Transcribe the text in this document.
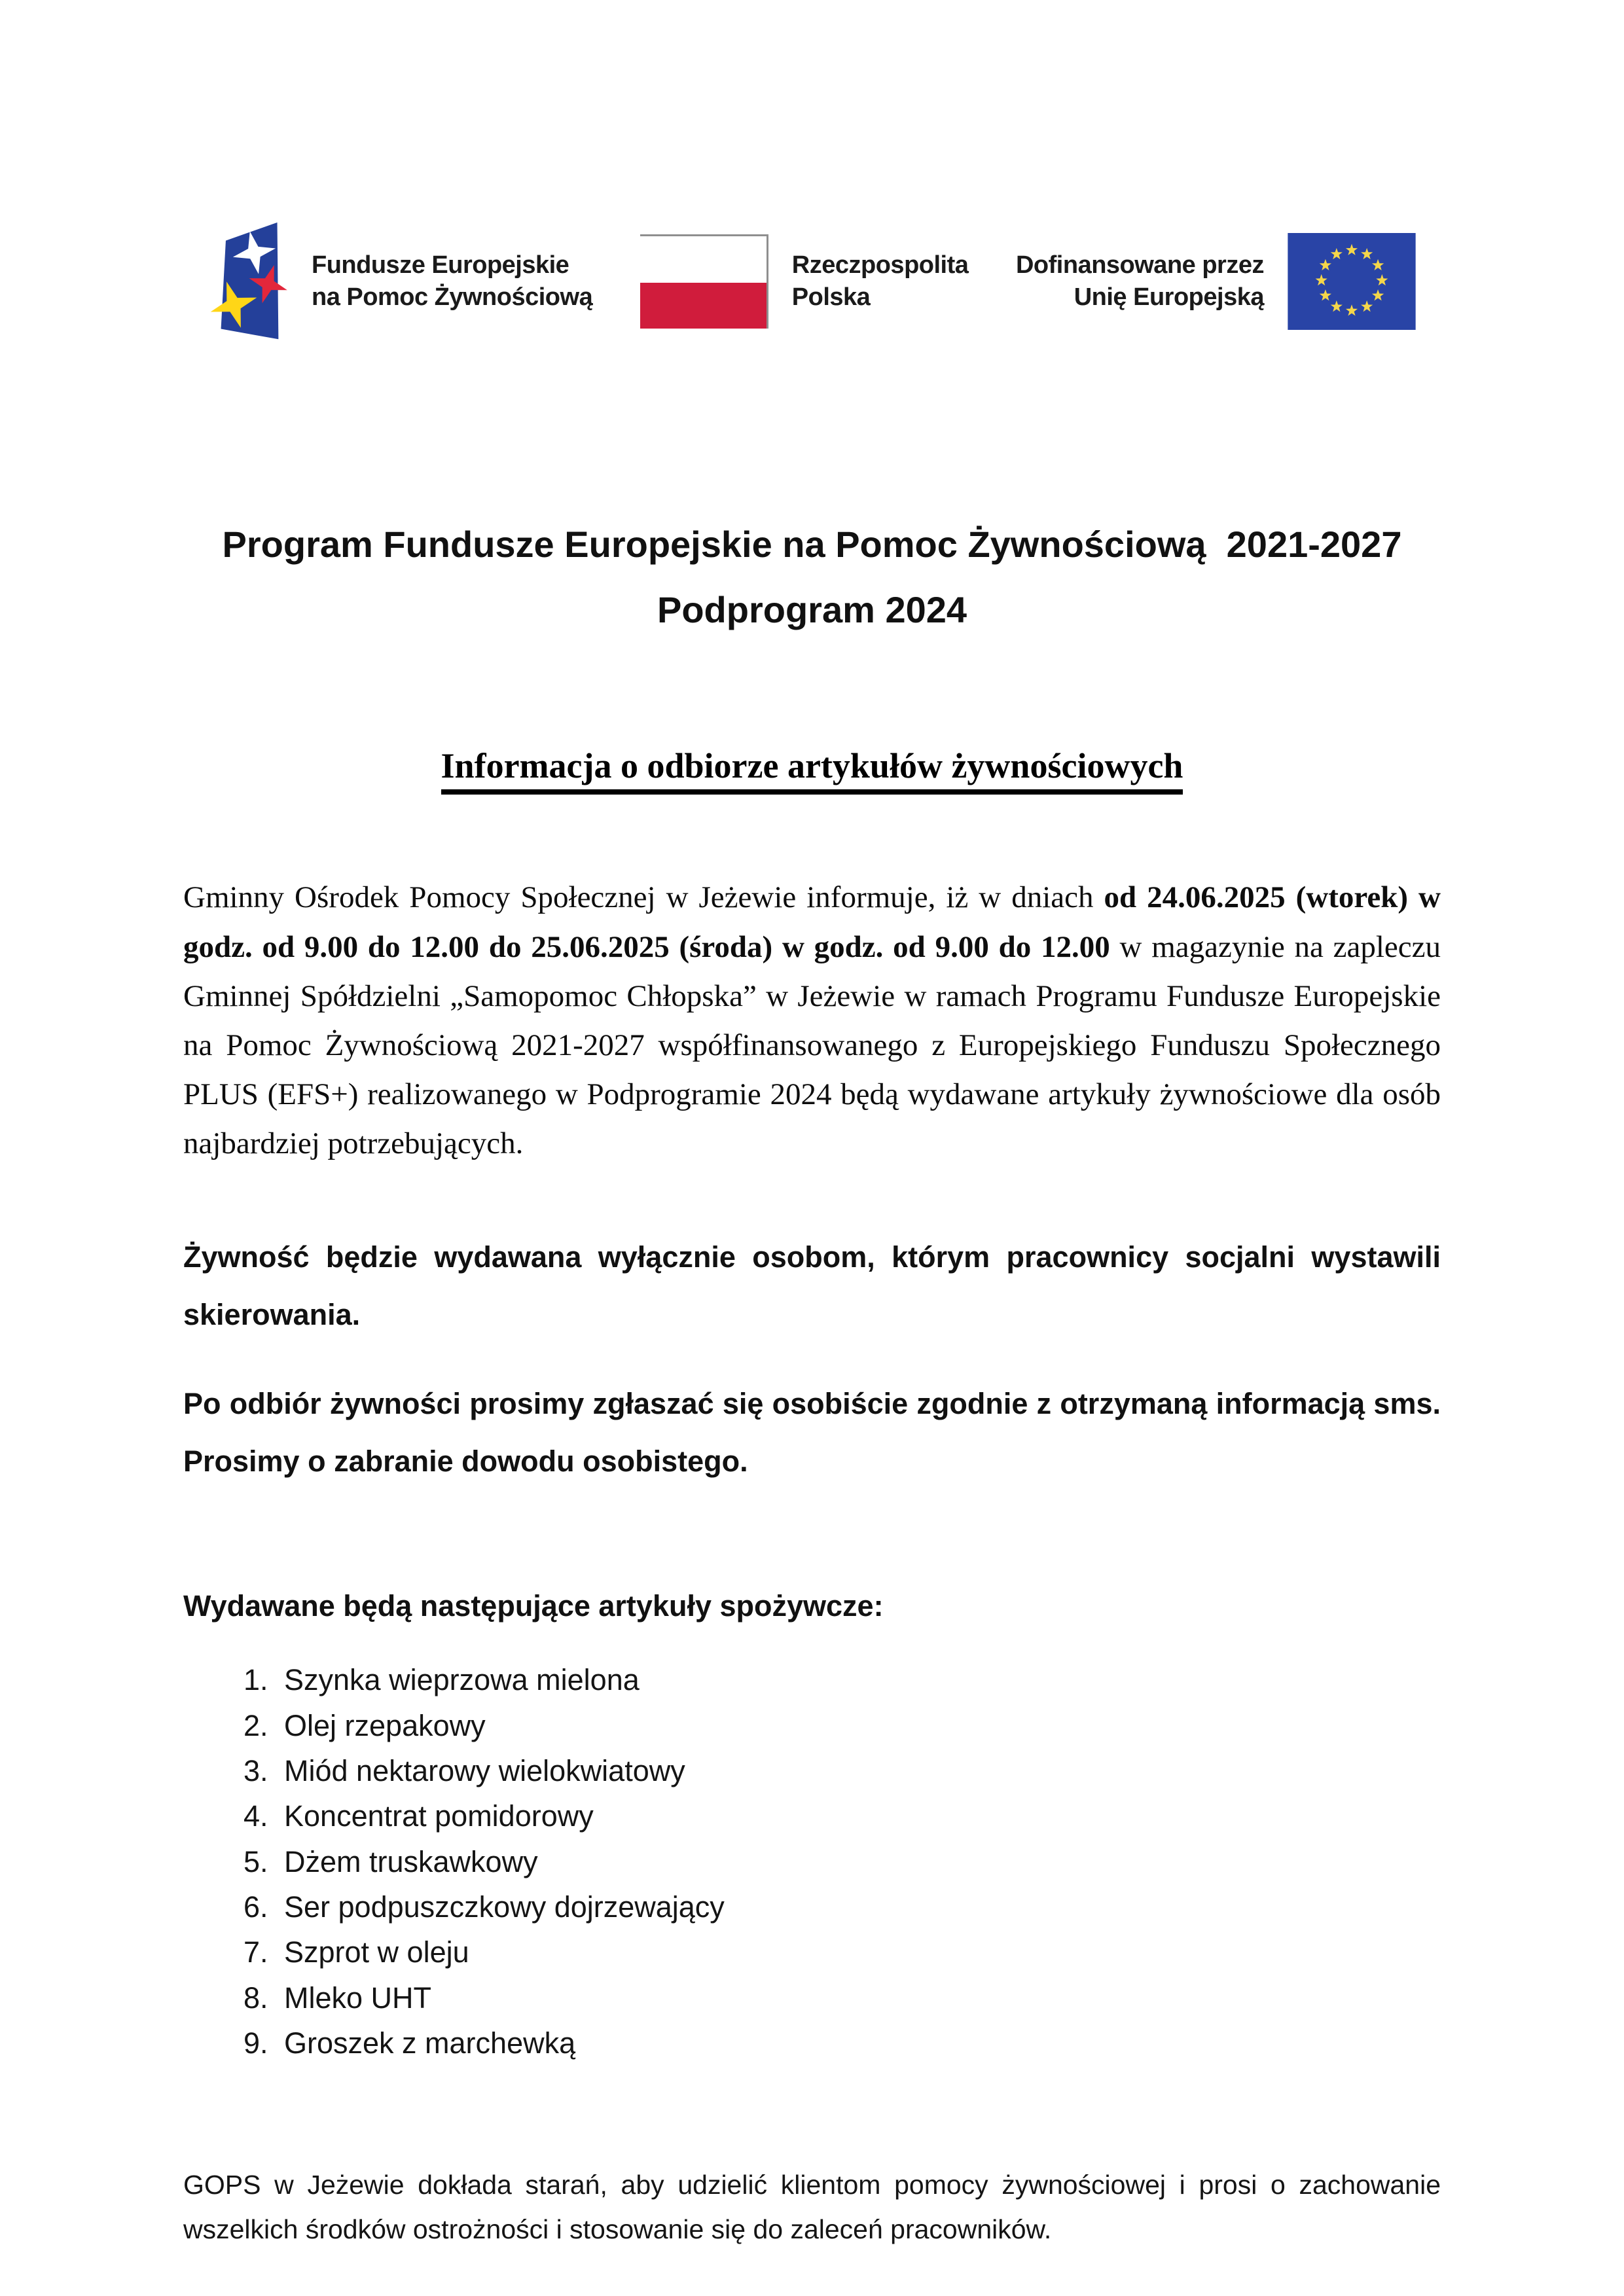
Fundusze Europejskie
na Pomoc Żywnościową
Rzeczpospolita
Polska
Dofinansowane przez
Unię Europejską
Program Fundusze Europejskie na Pomoc Żywnościową  2021-2027
Podprogram 2024
Informacja o odbiorze artykułów żywnościowych

Gminny Ośrodek Pomocy Społecznej w Jeżewie informuje, iż w dniach od 24.06.2025 (wtorek) w godz. od 9.00 do 12.00 do 25.06.2025 (środa) w godz. od 9.00 do 12.00 w magazynie na zapleczu Gminnej Spółdzielni „Samopomoc Chłopska” w Jeżewie w ramach Programu Fundusze Europejskie na Pomoc Żywnościową 2021-2027 współfinansowanego z Europejskiego Funduszu Społecznego PLUS (EFS+) realizowanego w Podprogramie 2024 będą wydawane artykuły żywnościowe dla osób najbardziej potrzebujących.

Żywność będzie wydawana wyłącznie osobom, którym pracownicy socjalni wystawili skierowania.

Po odbiór żywności prosimy zgłaszać się osobiście zgodnie z otrzymaną informacją sms. Prosimy o zabranie dowodu osobistego.

Wydawane będą następujące artykuły spożywcze:

1. Szynka wieprzowa mielona
2. Olej rzepakowy
3. Miód nektarowy wielokwiatowy
4. Koncentrat pomidorowy
5. Dżem truskawkowy
6. Ser podpuszczkowy dojrzewający
7. Szprot w oleju
8. Mleko UHT
9. Groszek z marchewką

GOPS w Jeżewie dokłada starań, aby udzielić klientom pomocy żywnościowej i prosi o zachowanie wszelkich środków ostrożności i stosowanie się do zaleceń pracowników.
